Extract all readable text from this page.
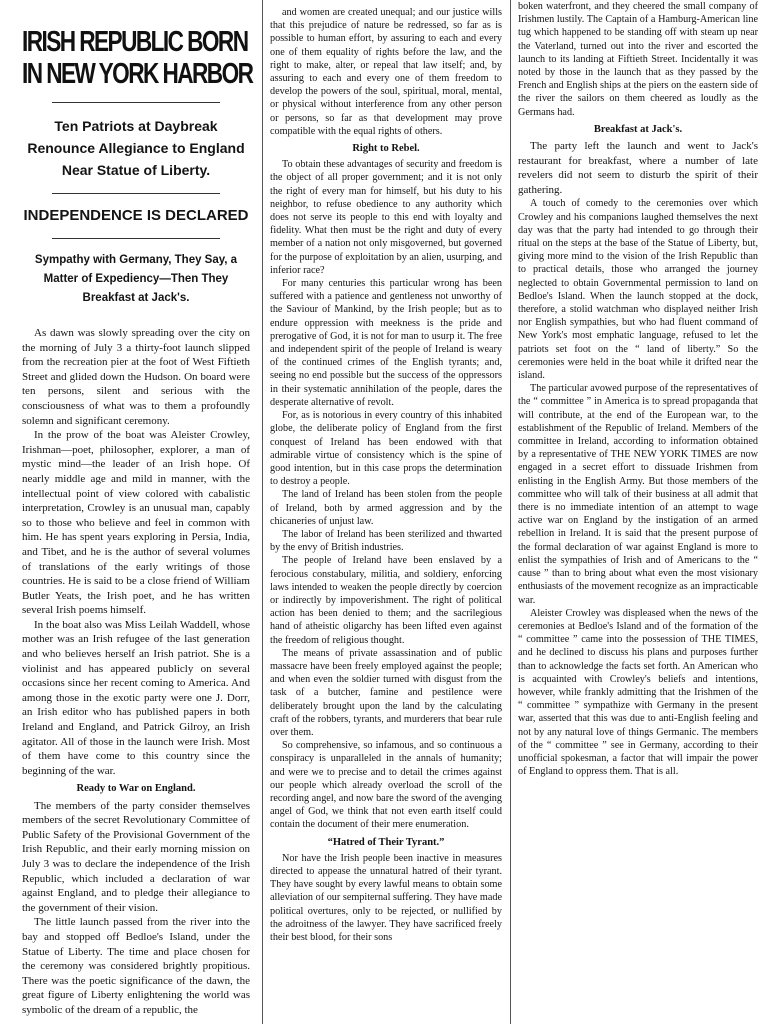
IRISH REPUBLIC BORN
IN NEW YORK HARBOR
Ten Patriots at Daybreak Renounce Allegiance to England Near Statue of Liberty.
INDEPENDENCE IS DECLARED
Sympathy with Germany, They Say, a Matter of Expediency—Then They Breakfast at Jack's.

As dawn was slowly spreading over the city on the morning of July 3 a thirty-foot launch slipped from the recreation pier at the foot of West Fiftieth Street and glided down the Hudson. On board were ten persons, silent and serious with the consciousness of what was to them a profoundly solemn and significant ceremony.

In the prow of the boat was Aleister Crowley, Irishman—poet, philosopher, explorer, a man of mystic mind—the leader of an Irish hope. Of nearly middle age and mild in manner, with the intellectual point of view colored with cabalistic interpretation, Crowley is an unusual man, capably so to those who believe and feel in common with him. He has spent years exploring in Persia, India, and Tibet, and he is the author of several volumes of translations of the early writings of those countries. He is said to be a close friend of William Butler Yeats, the Irish poet, and he has written several Irish poems himself.

In the boat also was Miss Leilah Waddell, whose mother was an Irish refugee of the last generation and who believes herself an Irish patriot. She is a violinist and has appeared publicly on several occasions since her recent coming to America. And among those in the exotic party were one J. Dorr, an Irish editor who has published papers in both Ireland and England, and Patrick Gilroy, an Irish agitator. All of those in the launch were Irish. Most of them have come to this country since the beginning of the war.

Ready to War on England.

The members of the party consider themselves members of the secret Revolutionary Committee of Public Safety of the Provisional Government of the Irish Republic, and their early morning mission on July 3 was to declare the independence of the Irish Republic, which included a declaration of war against England, and to pledge their allegiance to the government of their vision.

The little launch passed from the river into the bay and stopped off Bedloe's Island, under the Statue of Liberty. The time and place chosen for the ceremony was considered brightly propitious. There was the poetic significance of the dawn, the great figure of Liberty enlightening the world was symbolic of the dream of a republic, the

and women are created unequal; and our justice wills that this prejudice of nature be redressed, so far as is possible to human effort, by assuring to each and every one of them equality of rights before the law, and the right to make, alter, or repeal that law itself; and, by assuring to each and every one of them freedom to develop the powers of the soul, spiritual, moral, mental, or physical without interference from any other person or persons, so far as that development may prove compatible with the equal rights of others.

Right to Rebel.

To obtain these advantages of security and freedom is the object of all proper government; and it is not only the right of every man for himself, but his duty to his neighbor, to refuse obedience to any authority which does not serve its people to this end with loyalty and fidelity. What then must be the right and duty of every member of a nation not only misgoverned, but governed for the purpose of exploitation by an alien, usurping, and inferior race?

For many centuries this particular wrong has been suffered with a patience and gentleness not unworthy of the Saviour of Mankind, by the Irish people; but as to endure oppression with meekness is the pride and prerogative of God, it is not for man to usurp it. The free and independent spirit of the people of Ireland is weary of the continued crimes of the English tyrants; and, seeing no end possible but the success of the oppressors in their systematic annihilation of the people, dares the desperate alternative of revolt.

For, as is notorious in every country of this inhabited globe, the deliberate policy of England from the first conquest of Ireland has been endowed with that admirable virtue of consistency which is the spine of good intention, but in this case props the determination to destroy a people.

The land of Ireland has been stolen from the people of Ireland, both by armed aggression and by the chicaneries of unjust law.

The labor of Ireland has been sterilized and thwarted by the envy of British industries.

The people of Ireland have been enslaved by a ferocious constabulary, militia, and soldiery, enforcing laws intended to weaken the people directly by coercion or indirectly by impoverishment. The right of political action has been denied to them; and the sacrilegious hand of atheistic oligarchy has been lifted even against the freedom of religious thought.

The means of private assassination and of public massacre have been freely employed against the people; and when even the soldier turned with disgust from the task of a butcher, famine and pestilence were deliberately brought upon the land by the calculating craft of the robbers, tyrants, and murderers that bear rule over them.

So comprehensive, so infamous, and so continuous a conspiracy is unparalleled in the annals of humanity; and were we to precise and to detail the crimes against our people which already overload the scroll of the recording angel, and now bare the sword of the avenging angel of God, we think that not even earth itself could contain the document of their mere enumeration.

“Hatred of Their Tyrant.”

Nor have the Irish people been inactive in measures directed to appease the unnatural hatred of their tyrant. They have sought by every lawful means to obtain some alleviation of our sempiternal suffering. They have made political overtures, only to be rejected, or nullified by the adroitness of the lawyer. They have sacrificed freely their best blood, for their sons

boken waterfront, and they cheered the small company of Irishmen lustily. The Captain of a Hamburg-American line tug which happened to be standing off with steam up near the Vaterland, turned out into the river and escorted the launch to its landing at Fiftieth Street. Incidentally it was noted by those in the launch that as they passed by the French and English ships at the piers on the eastern side of the river the sailors on them cheered as loudly as the Germans had.

Breakfast at Jack's.

The party left the launch and went to Jack's restaurant for breakfast, where a number of late revelers did not seem to disturb the spirit of their gathering.

A touch of comedy to the ceremonies over which Crowley and his companions laughed themselves the next day was that the party had intended to go through their ritual on the steps at the base of the Statue of Liberty, but, giving more mind to the vision of the Irish Republic than to practical details, those who arranged the journey neglected to obtain Governmental permission to land on Bedloe's Island. When the launch stopped at the dock, therefore, a stolid watchman who displayed neither Irish nor English sympathies, but who had fluent command of New York's most emphatic language, refused to let the patriots set foot on the “ land of liberty.” So the ceremonies were held in the boat while it drifted near the island.

The particular avowed purpose of the representatives of the “ committee ” in America is to spread propaganda that will contribute, at the end of the European war, to the establishment of the Republic of Ireland. Members of the committee in Ireland, according to information obtained by a representative of THE NEW YORK TIMES are now engaged in a secret effort to dissuade Irishmen from enlisting in the English Army. But those members of the committee who will talk of their business at all admit that there is no immediate intention of an attempt to wage active war on England by the instigation of an armed rebellion in Ireland. It is said that the present purpose of the formal declaration of war against England is more to enlist the sympathies of Irish and of Americans to the “ cause ” than to bring about what even the most visionary enthusiasts of the movement recognize as an impracticable war.

Aleister Crowley was displeased when the news of the ceremonies at Bedloe's Island and of the formation of the “ committee ” came into the possession of THE TIMES, and he declined to discuss his plans and purposes further than to acknowledge the facts set forth. An American who is acquainted with Crowley's beliefs and intentions, however, while frankly admitting that the Irishmen of the “ committee ” sympathize with Germany in the present war, asserted that this was due to anti-English feeling and not by any natural love of things Germanic. The members of the “ committee ” see in Germany, according to their unofficial spokesman, a factor that will impair the power of England to oppress them. That is all.
